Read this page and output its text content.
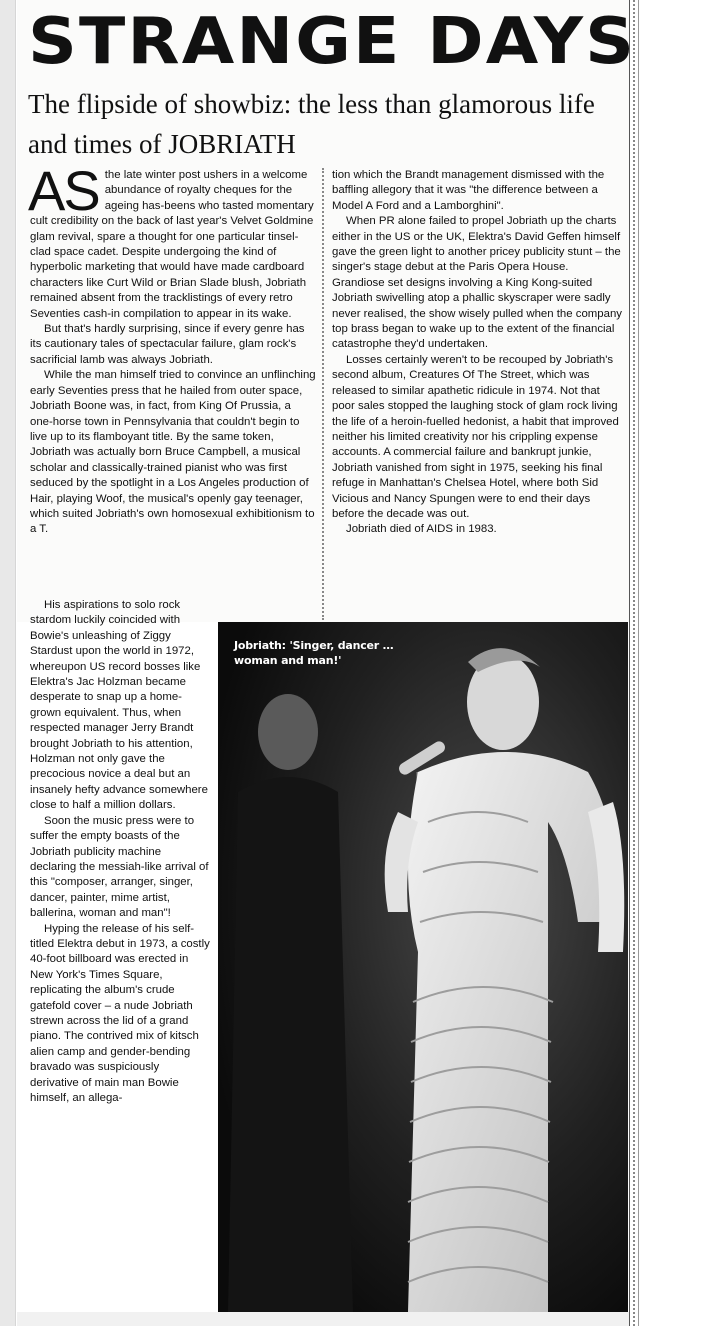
STRANGE DAYS
The flipside of showbiz: the less than glamorous life and times of JOBRIATH

AS the late winter post ushers in a welcome abundance of royalty cheques for the ageing has-beens who tasted momentary cult credibility on the back of last year's Velvet Goldmine glam revival, spare a thought for one particular tinsel-clad space cadet. Despite undergoing the kind of hyperbolic marketing that would have made cardboard characters like Curt Wild or Brian Slade blush, Jobriath remained absent from the tracklistings of every retro Seventies cash-in compilation to appear in its wake.

But that's hardly surprising, since if every genre has its cautionary tales of spectacular failure, glam rock's sacrificial lamb was always Jobriath.

While the man himself tried to convince an unflinching early Seventies press that he hailed from outer space, Jobriath Boone was, in fact, from King Of Prussia, a one-horse town in Pennsylvania that couldn't begin to live up to its flamboyant title. By the same token, Jobriath was actually born Bruce Campbell, a musical scholar and classically-trained pianist who was first seduced by the spotlight in a Los Angeles production of Hair, playing Woof, the musical's openly gay teenager, which suited Jobriath's own homosexual exhibitionism to a T.

His aspirations to solo rock stardom luckily coincided with Bowie's unleashing of Ziggy Stardust upon the world in 1972, whereupon US record bosses like Elektra's Jac Holzman became desperate to snap up a home-grown equivalent. Thus, when respected manager Jerry Brandt brought Jobriath to his attention, Holzman not only gave the precocious novice a deal but an insanely hefty advance somewhere close to half a million dollars.

Soon the music press were to suffer the empty boasts of the Jobriath publicity machine declaring the messiah-like arrival of this "composer, arranger, singer, dancer, painter, mime artist, ballerina, woman and man"!

Hyping the release of his self-titled Elektra debut in 1973, a costly 40-foot billboard was erected in New York's Times Square, replicating the album's crude gatefold cover – a nude Jobriath strewn across the lid of a grand piano. The contrived mix of kitsch alien camp and gender-bending bravado was suspiciously derivative of main man Bowie himself, an allega-

tion which the Brandt management dismissed with the baffling allegory that it was "the difference between a Model A Ford and a Lamborghini".

When PR alone failed to propel Jobriath up the charts either in the US or the UK, Elektra's David Geffen himself gave the green light to another pricey publicity stunt – the singer's stage debut at the Paris Opera House. Grandiose set designs involving a King Kong-suited Jobriath swivelling atop a phallic skyscraper were sadly never realised, the show wisely pulled when the company top brass began to wake up to the extent of the financial catastrophe they'd undertaken.

Losses certainly weren't to be recouped by Jobriath's second album, Creatures Of The Street, which was released to similar apathetic ridicule in 1974. Not that poor sales stopped the laughing stock of glam rock living the life of a heroin-fuelled hedonist, a habit that improved neither his limited creativity nor his crippling expense accounts. A commercial failure and bankrupt junkie, Jobriath vanished from sight in 1975, seeking his final refuge in Manhattan's Chelsea Hotel, where both Sid Vicious and Nancy Spungen were to end their days before the decade was out.

Jobriath died of AIDS in 1983.

Jobriath: 'Singer, dancer …
woman and man!'
